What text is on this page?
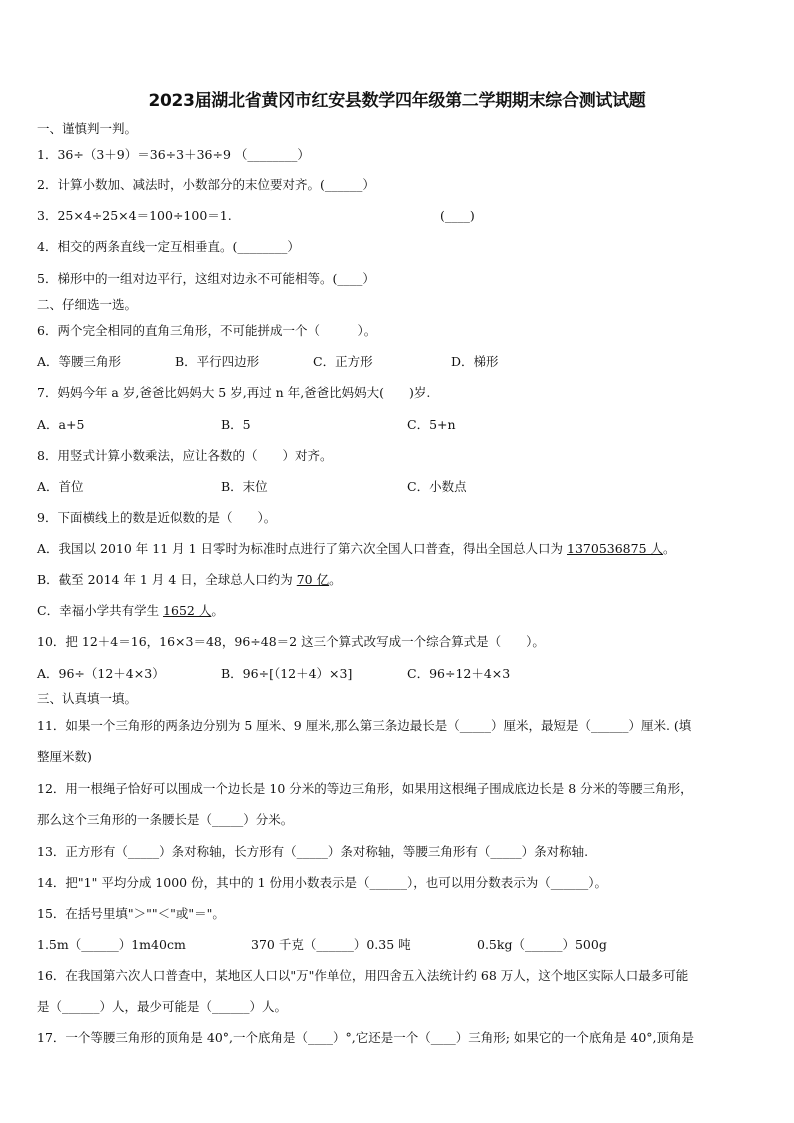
2023届湖北省黄冈市红安县数学四年级第二学期期末综合测试试题
一、谨慎判一判。
1．36÷（3＋9）＝36÷3＋36÷9 （________）
2．计算小数加、减法时，小数部分的末位要对齐。(______）
3．25×4÷25×4＝100÷100＝1.	(____)
4．相交的两条直线一定互相垂直。(________）
5．梯形中的一组对边平行，这组对边永不可能相等。(____）
二、仔细选一选。
6．两个完全相同的直角三角形，不可能拼成一个（　　　）。
A．等腰三角形	B．平行四边形	C．正方形	D．梯形
7．妈妈今年 a 岁,爸爸比妈妈大 5 岁,再过 n 年,爸爸比妈妈大(　　)岁.
A．a+5	B．5	C．5+n
8．用竖式计算小数乘法，应让各数的（　　）对齐。
A．首位	B．末位	C．小数点
9．下面横线上的数是近似数的是（　　）。
A．我国以 2010 年 11 月 1 日零时为标准时点进行了第六次全国人口普查，得出全国总人口为 1370536875 人。
B．截至 2014 年 1 月 4 日，全球总人口约为 70 亿。
C．幸福小学共有学生 1652 人。
10．把 12＋4＝16，16×3＝48，96÷48＝2 这三个算式改写成一个综合算式是（　　）。
A．96÷（12＋4×3）	B．96÷[（12＋4）×3]	C．96÷12＋4×3
三、认真填一填。
11．如果一个三角形的两条边分别为 5 厘米、9 厘米,那么第三条边最长是（_____）厘米，最短是（______）厘米. (填
整厘米数)
12．用一根绳子恰好可以围成一个边长是 10 分米的等边三角形，如果用这根绳子围成底边长是 8 分米的等腰三角形，
那么这个三角形的一条腰长是（_____）分米。
13．正方形有（_____）条对称轴，长方形有（_____）条对称轴，等腰三角形有（_____）条对称轴.
14．把"1" 平均分成 1000 份，其中的 1 份用小数表示是（______），也可以用分数表示为（______）。
15．在括号里填"＞""＜"或"＝"。
1.5m（______）1m40cm	370 千克（______）0.35 吨	0.5kg（______）500g
16．在我国第六次人口普查中，某地区人口以"万"作单位，用四舍五入法统计约 68 万人，这个地区实际人口最多可能
是（______）人，最少可能是（______）人。
17．一个等腰三角形的顶角是 40°,一个底角是（____）°,它还是一个（____）三角形; 如果它的一个底角是 40°,顶角是
